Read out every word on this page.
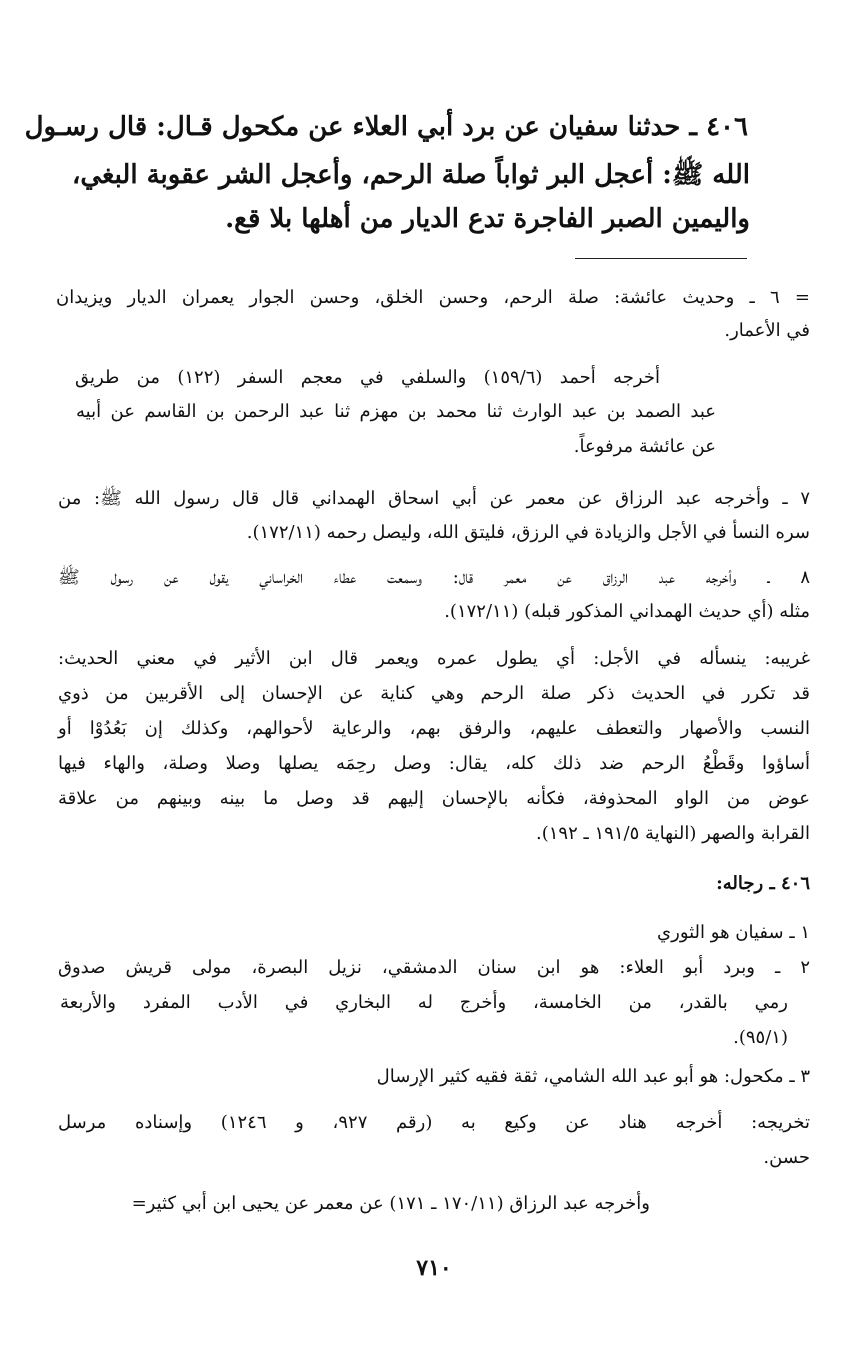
٤٠٦ ـ حدثنا سفيان عن برد أبي العلاء عن مكحول قـال: قال رسـول

الله ﷺ: أعجل البر ثواباً صلة الرحم، وأعجل الشر عقوبة البغي،

واليمين الصبر الفاجرة تدع الديار من أهلها بلا قع.

= ٦ ـ وحديث عائشة: صلة الرحم، وحسن الخلق، وحسن الجوار يعمران الديار ويزيدان

في الأعمار.

أخرجه أحمد (١٥٩/٦) والسلفي في معجم السفر (١٢٢) من طريق

عبد الصمد بن عبد الوارث ثنا محمد بن مهزم ثنا عبد الرحمن بن القاسم عن أبيه

عن عائشة مرفوعاً.

٧ ـ وأخرجه عبد الرزاق عن معمر عن أبي اسحاق الهمداني قال قال رسول الله ﷺ: من

سره النسأ في الأجل والزيادة في الرزق، فليتق الله، وليصل رحمه (١٧٢/١١).

٨ ـ وأخرجه عبد الرزاق عن معمر قال: وسمعت عطاء الخراساني يقول عن رسول ﷺ

مثله (أي حديث الهمداني المذكور قبله) (١٧٢/١١).

غريبه: ينسأله في الأجل: أي يطول عمره ويعمر قال ابن الأثير في معني الحديث:

قد تكرر في الحديث ذكر صلة الرحم وهي كناية عن الإحسان إلى الأقربين من ذوي

النسب والأصهار والتعطف عليهم، والرفق بهم، والرعاية لأحوالهم، وكذلك إن بَعُدُوْا أو

أساؤوا وقَطْعُ الرحم ضد ذلك كله، يقال: وصل رحِمَه يصلها وصلا وصلة، والهاء فيها

عوض من الواو المحذوفة، فكأنه بالإحسان إليهم قد وصل ما بينه وبينهم من علاقة

القرابة والصهر (النهاية ١٩١/٥ ـ ١٩٢).

٤٠٦ ـ رجاله:

١ ـ سفيان هو الثوري

٢ ـ وبرد أبو العلاء: هو ابن سنان الدمشقي، نزيل البصرة، مولى قريش صدوق

رمي بالقدر، من الخامسة، وأخرج له البخاري في الأدب المفرد والأربعة

(٩٥/١).

٣ ـ مكحول: هو أبو عبد الله الشامي، ثقة فقيه كثير الإرسال

تخريجه: أخرجه هناد عن وكيع به (رقم ٩٢٧، و ١٢٤٦) وإسناده مرسل

حسن.

وأخرجه عبد الرزاق (١٧٠/١١ ـ ١٧١) عن معمر عن يحيى ابن أبي كثير=

٧١٠
